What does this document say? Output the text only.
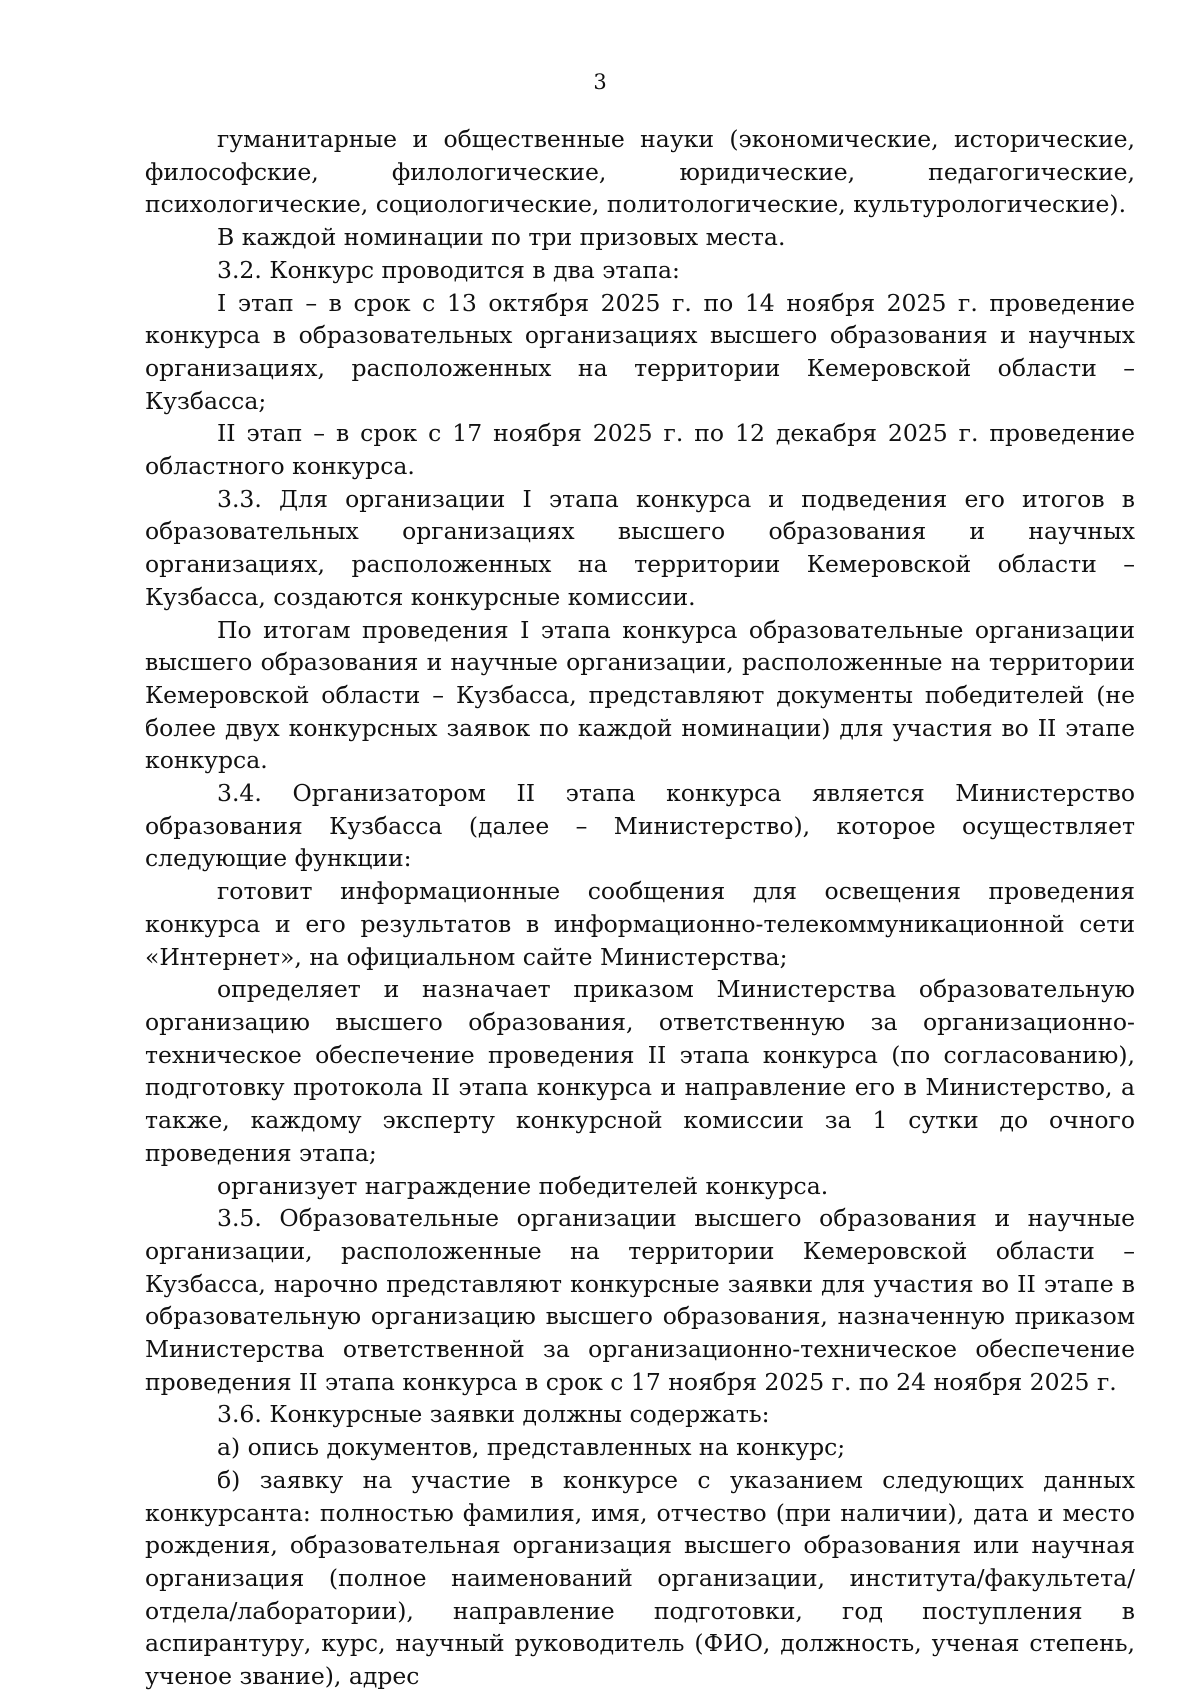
3

гуманитарные и общественные науки (экономические, исторические, философские, филологические, юридические, педагогические, психологические, социологические, политологические, культурологические).

В каждой номинации по три призовых места.

3.2. Конкурс проводится в два этапа:

I этап – в срок с 13 октября 2025 г. по 14 ноября 2025 г. проведение конкурса в образовательных организациях высшего образования и научных организациях, расположенных на территории Кемеровской области – Кузбасса;

II этап – в срок с 17 ноября 2025 г. по 12 декабря 2025 г. проведение областного конкурса.

3.3. Для организации I этапа конкурса и подведения его итогов в образовательных организациях высшего образования и научных организациях, расположенных на территории Кемеровской области – Кузбасса, создаются конкурсные комиссии.

По итогам проведения I этапа конкурса образовательные организации высшего образования и научные организации, расположенные на территории Кемеровской области – Кузбасса, представляют документы победителей (не более двух конкурсных заявок по каждой номинации) для участия во II этапе конкурса.

3.4. Организатором II этапа конкурса является Министерство образования Кузбасса (далее – Министерство), которое осуществляет следующие функции:

готовит информационные сообщения для освещения проведения конкурса и его результатов в информационно-телекоммуникационной сети «Интернет», на официальном сайте Министерства;

определяет и назначает приказом Министерства образовательную организацию высшего образования, ответственную за организационно-техническое обеспечение проведения II этапа конкурса (по согласованию), подготовку протокола II этапа конкурса и направление его в Министерство, а также, каждому эксперту конкурсной комиссии за 1 сутки до очного проведения этапа;

организует награждение победителей конкурса.

3.5. Образовательные организации высшего образования и научные организации, расположенные на территории Кемеровской области – Кузбасса, нарочно представляют конкурсные заявки для участия во II этапе в образовательную организацию высшего образования, назначенную приказом Министерства ответственной за организационно-техническое обеспечение проведения II этапа конкурса в срок с 17 ноября 2025 г. по 24 ноября 2025 г.

3.6. Конкурсные заявки должны содержать:

а) опись документов, представленных на конкурс;

б) заявку на участие в конкурсе с указанием следующих данных конкурсанта: полностью фамилия, имя, отчество (при наличии), дата и место рождения, образовательная организация высшего образования или научная организация (полное наименований организации, института/факультета/отдела/лаборатории), направление подготовки, год поступления в аспирантуру, курс, научный руководитель (ФИО, должность, ученая степень, ученое звание), адрес
